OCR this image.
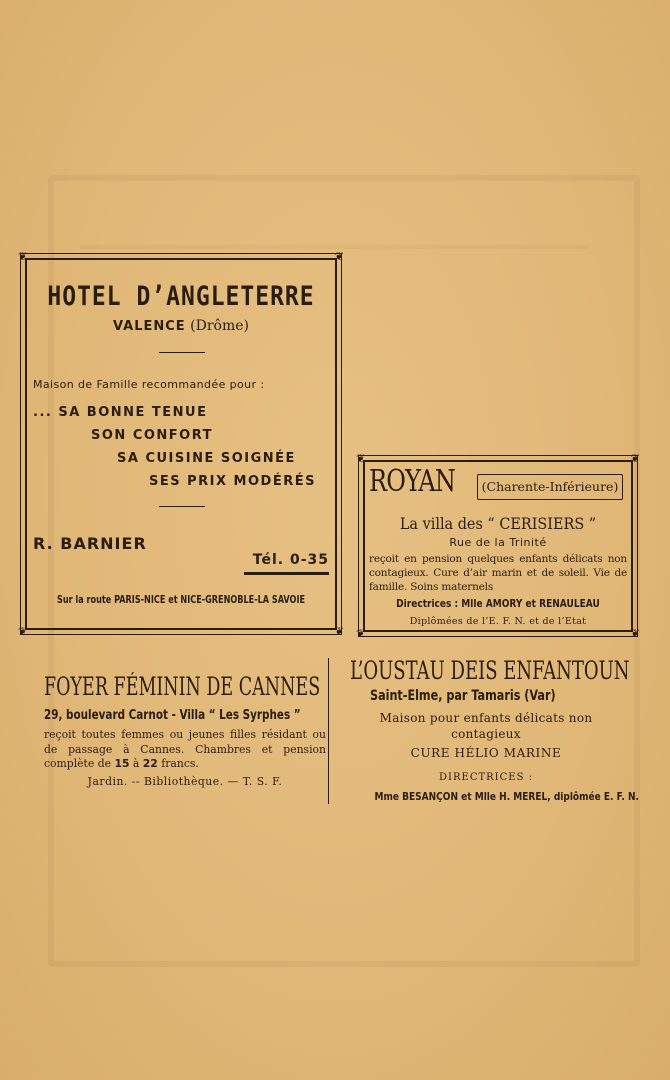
❦	❦
❦	❦
HOTEL D’ANGLETERRE
VALENCE (Drôme)
Maison de Famille recommandée pour :
... SA BONNE TENUE
SON CONFORT
SA CUISINE SOIGNÉE
SES PRIX MODÉRÉS
R. BARNIER
Tél. 0-35
Sur la route PARIS-NICE et NICE-GRENOBLE-LA SAVOIE
❦	❦
❦	❦
ROYAN	(Charente-Inférieure)
La villa des “ CERISIERS ”
Rue de la Trinité
reçoit en pension quelques enfants délicats non contagieux. Cure d’air marin et de soleil. Vie de famille. Soins maternels
Directrices : Mlle AMORY et RENAULEAU
Diplômées de l’E. F. N. et de l’Etat
FOYER FÉMININ DE CANNES
29, boulevard Carnot - Villa “ Les Syrphes ”
reçoit toutes femmes ou jeunes filles résidant ou de passage à Cannes. Chambres et pension complète de 15 à 22 francs.
Jardin. -- Bibliothèque. — T. S. F.
L’OUSTAU DEIS ENFANTOUN
Saint-Elme, par Tamaris (Var)
Maison pour enfants délicats non contagieux
CURE HÉLIO MARINE
DIRECTRICES :
Mme BESANÇON et Mlle H. MEREL, diplômée E. F. N.
